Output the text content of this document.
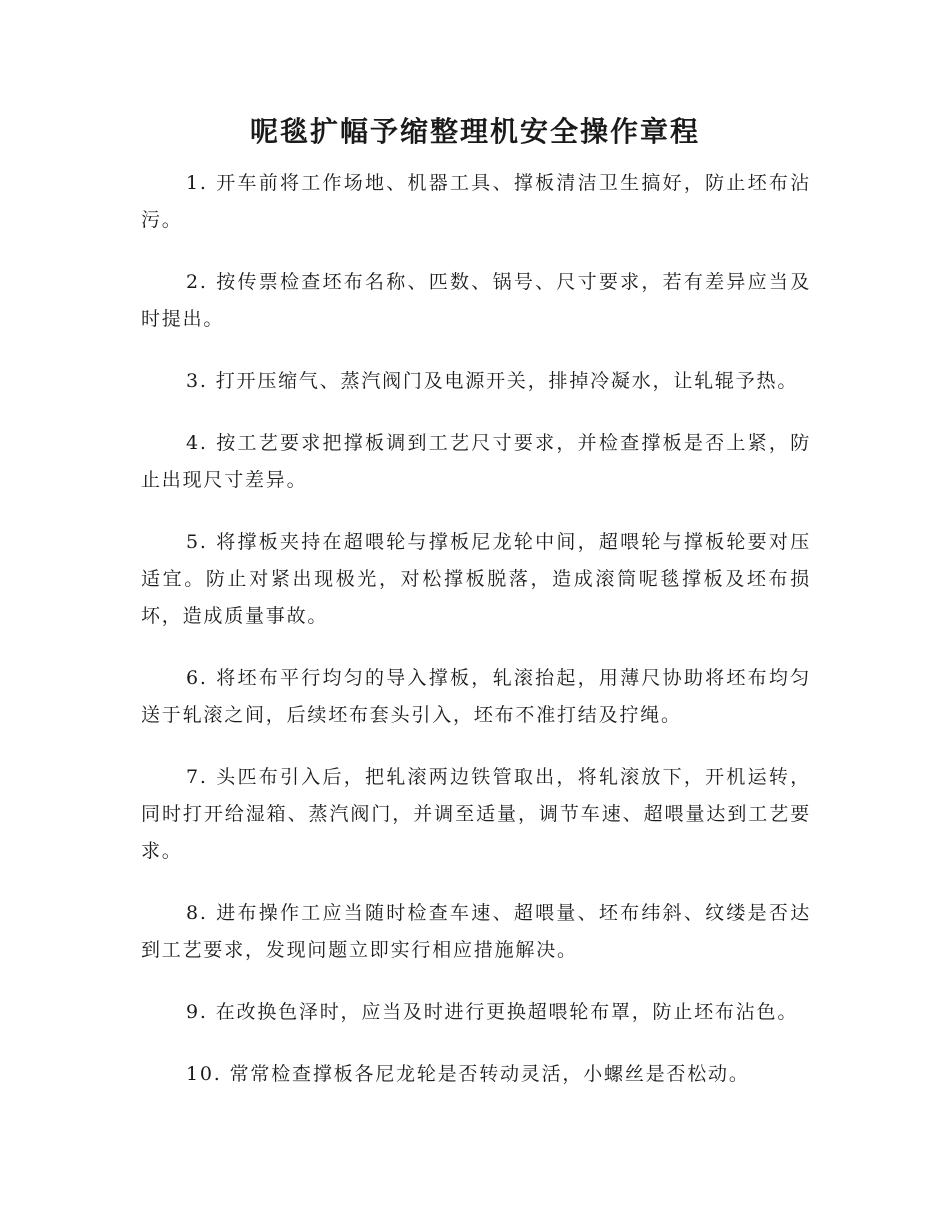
呢毯扩幅予缩整理机安全操作章程
1. 开车前将工作场地、机器工具、撑板清洁卫生搞好，防止坯布沾污。
2. 按传票检查坯布名称、匹数、锅号、尺寸要求，若有差异应当及时提出。
3. 打开压缩气、蒸汽阀门及电源开关，排掉冷凝水，让轧辊予热。
4. 按工艺要求把撑板调到工艺尺寸要求，并检查撑板是否上紧，防止出现尺寸差异。
5. 将撑板夹持在超喂轮与撑板尼龙轮中间，超喂轮与撑板轮要对压适宜。防止对紧出现极光，对松撑板脱落，造成滚筒呢毯撑板及坯布损坏，造成质量事故。
6. 将坯布平行均匀的导入撑板，轧滚抬起，用薄尺协助将坯布均匀送于轧滚之间，后续坯布套头引入，坯布不准打结及拧绳。
7. 头匹布引入后，把轧滚两边铁管取出，将轧滚放下，开机运转，同时打开给湿箱、蒸汽阀门，并调至适量，调节车速、超喂量达到工艺要求。
8. 进布操作工应当随时检查车速、超喂量、坯布纬斜、纹缕是否达到工艺要求，发现问题立即实行相应措施解决。
9. 在改换色泽时，应当及时进行更换超喂轮布罩，防止坯布沾色。
10. 常常检查撑板各尼龙轮是否转动灵活，小螺丝是否松动。
